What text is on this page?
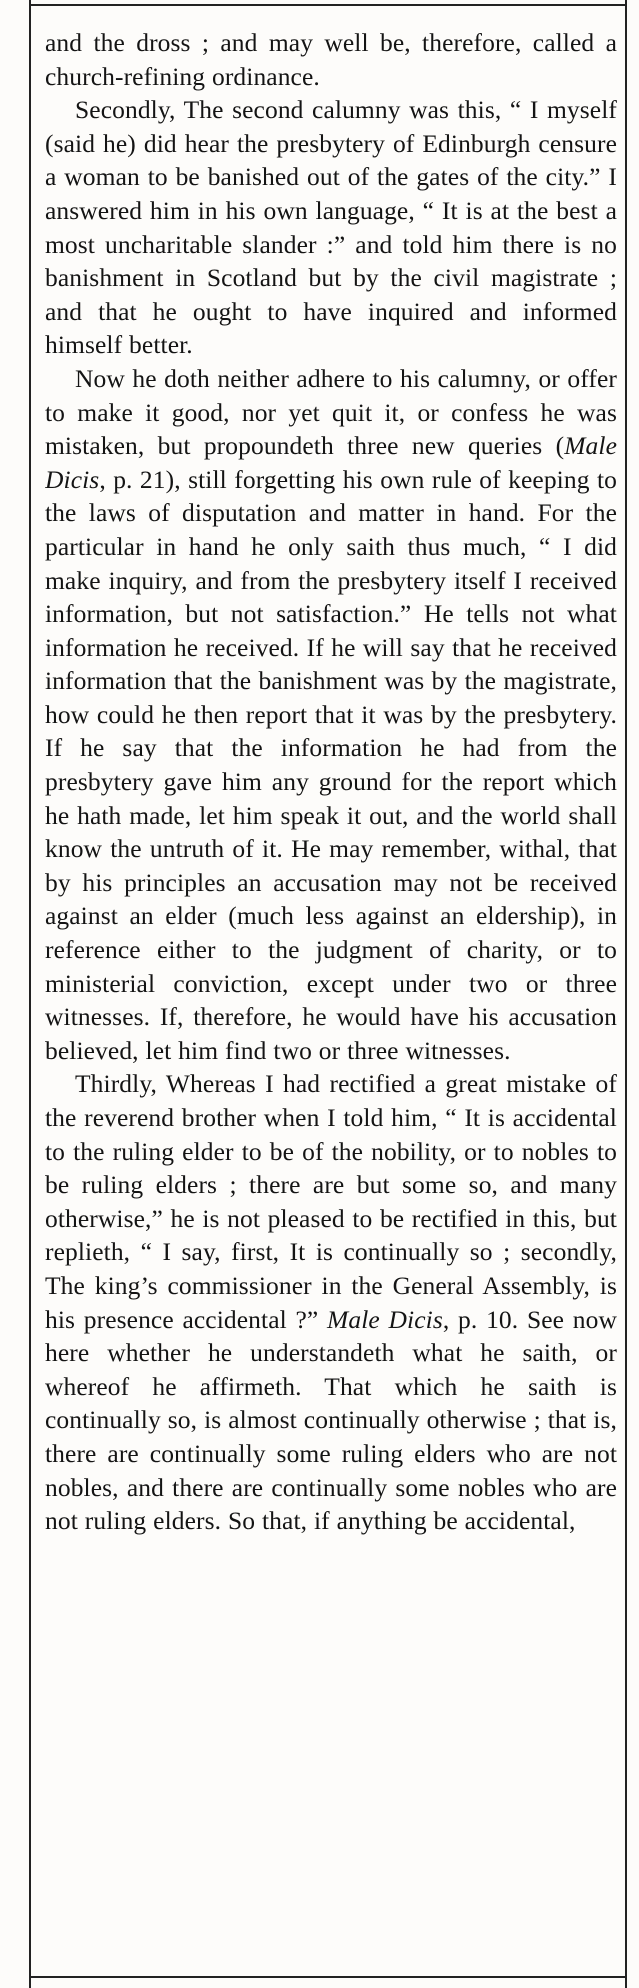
and the dross ; and may well be, therefore, called a church-refining ordinance.

Secondly, The second calumny was this, “ I myself (said he) did hear the presbytery of Edinburgh censure a woman to be banished out of the gates of the city.” I answered him in his own language, “ It is at the best a most uncharitable slander :” and told him there is no banishment in Scotland but by the civil magistrate ; and that he ought to have inquired and informed himself better.

Now he doth neither adhere to his calumny, or offer to make it good, nor yet quit it, or confess he was mistaken, but propoundeth three new queries (Male Dicis, p. 21), still forgetting his own rule of keeping to the laws of disputation and matter in hand. For the particular in hand he only saith thus much, “ I did make inquiry, and from the presbytery itself I received information, but not satisfaction.” He tells not what information he received. If he will say that he received information that the banishment was by the magistrate, how could he then report that it was by the presbytery. If he say that the information he had from the presbytery gave him any ground for the report which he hath made, let him speak it out, and the world shall know the untruth of it. He may remember, withal, that by his principles an accusation may not be received against an elder (much less against an eldership), in reference either to the judgment of charity, or to ministerial conviction, except under two or three witnesses. If, therefore, he would have his accusation believed, let him find two or three witnesses.

Thirdly, Whereas I had rectified a great mistake of the reverend brother when I told him, “ It is accidental to the ruling elder to be of the nobility, or to nobles to be ruling elders ; there are but some so, and many otherwise,” he is not pleased to be rectified in this, but replieth, “ I say, first, It is continually so ; secondly, The king’s commissioner in the General Assembly, is his presence accidental ?” Male Dicis, p. 10. See now here whether he understandeth what he saith, or whereof he affirmeth. That which he saith is continually so, is almost continually otherwise ; that is, there are continually some ruling elders who are not nobles, and there are continually some nobles who are not ruling elders. So that, if anything be accidental,
